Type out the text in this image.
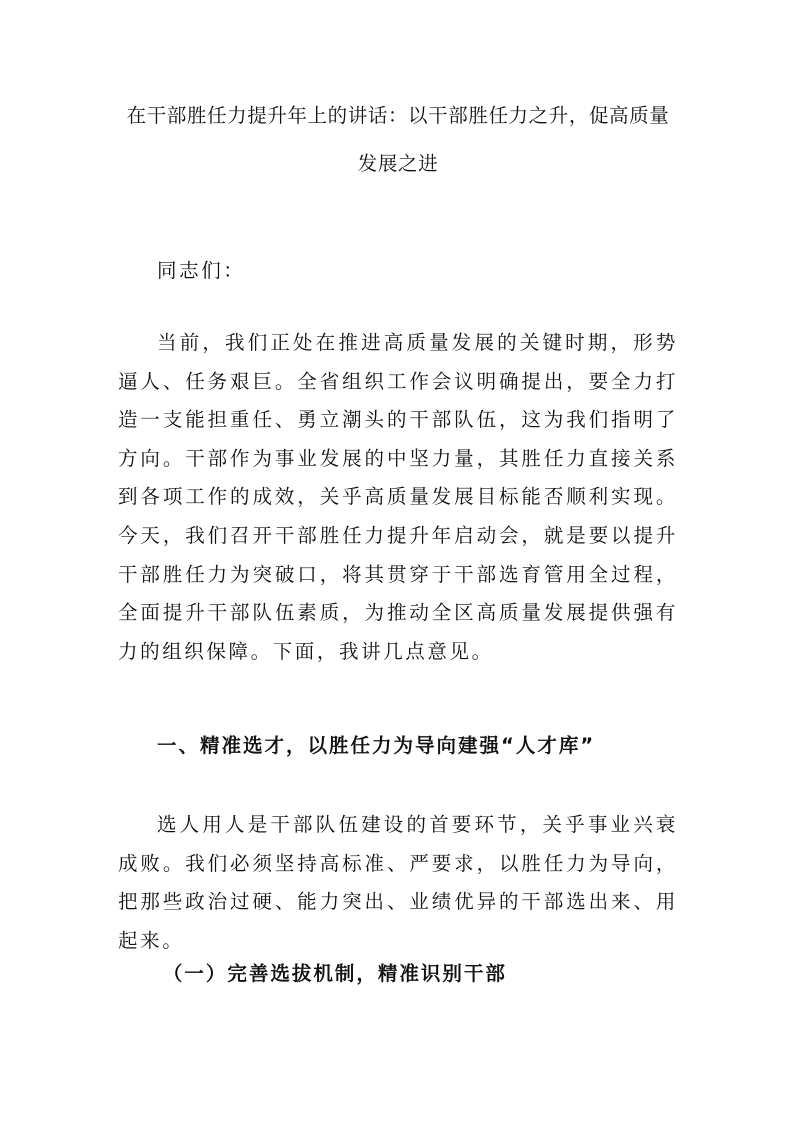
在干部胜任力提升年上的讲话：以干部胜任力之升，促高质量发展之进

同志们：

当前，我们正处在推进高质量发展的关键时期，形势逼人、任务艰巨。全省组织工作会议明确提出，要全力打造一支能担重任、勇立潮头的干部队伍，这为我们指明了方向。干部作为事业发展的中坚力量，其胜任力直接关系到各项工作的成效，关乎高质量发展目标能否顺利实现。今天，我们召开干部胜任力提升年启动会，就是要以提升干部胜任力为突破口，将其贯穿于干部选育管用全过程，全面提升干部队伍素质，为推动全区高质量发展提供强有力的组织保障。下面，我讲几点意见。

一、精准选才，以胜任力为导向建强“人才库”

选人用人是干部队伍建设的首要环节，关乎事业兴衰成败。我们必须坚持高标准、严要求，以胜任力为导向，把那些政治过硬、能力突出、业绩优异的干部选出来、用起来。

（一）完善选拔机制，精准识别干部
